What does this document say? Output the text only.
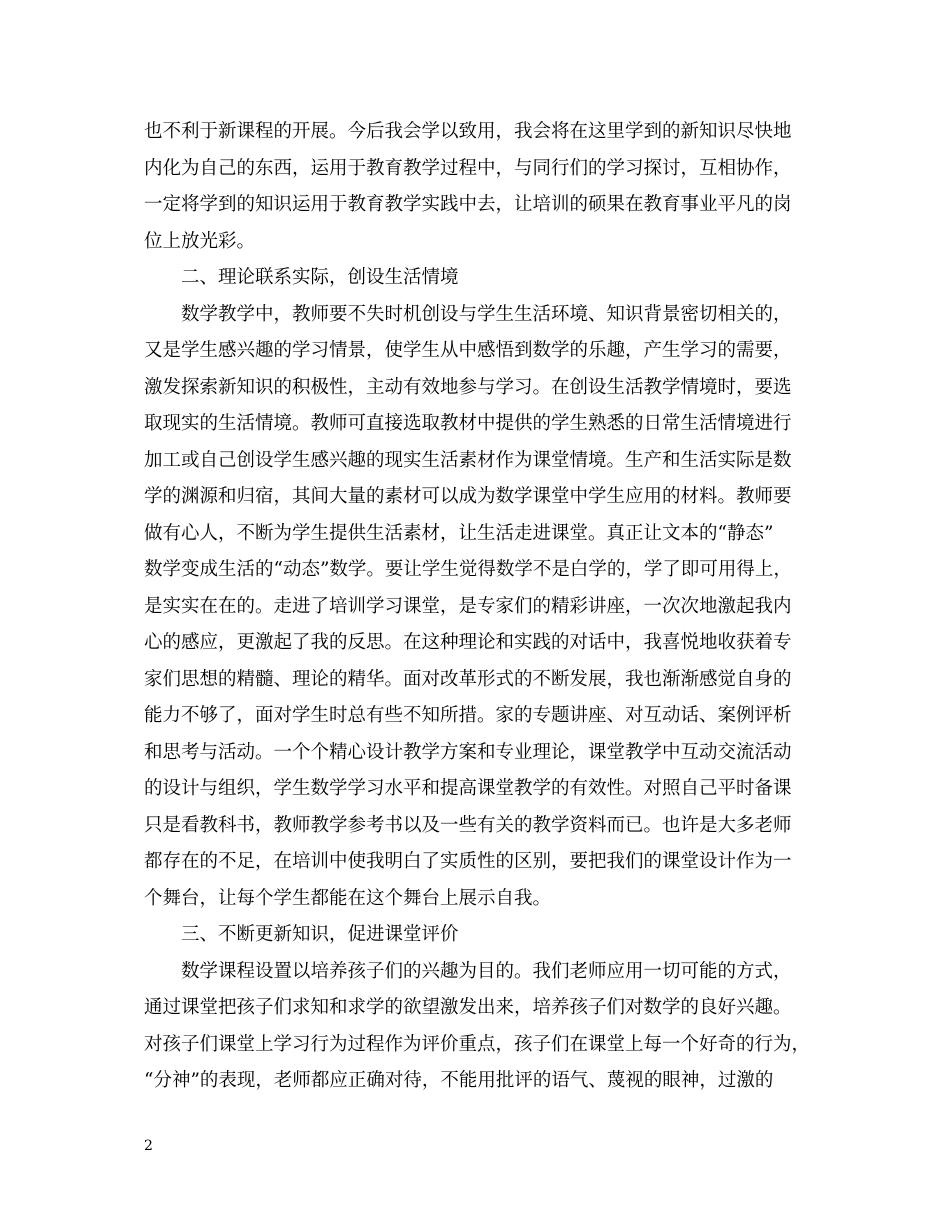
也不利于新课程的开展。今后我会学以致用，我会将在这里学到的新知识尽快地
内化为自己的东西，运用于教育教学过程中，与同行们的学习探讨，互相协作，
一定将学到的知识运用于教育教学实践中去，让培训的硕果在教育事业平凡的岗
位上放光彩。
二、理论联系实际，创设生活情境
数学教学中，教师要不失时机创设与学生生活环境、知识背景密切相关的，
又是学生感兴趣的学习情景，使学生从中感悟到数学的乐趣，产生学习的需要，
激发探索新知识的积极性，主动有效地参与学习。在创设生活教学情境时，要选
取现实的生活情境。教师可直接选取教材中提供的学生熟悉的日常生活情境进行
加工或自己创设学生感兴趣的现实生活素材作为课堂情境。生产和生活实际是数
学的渊源和归宿，其间大量的素材可以成为数学课堂中学生应用的材料。教师要
做有心人，不断为学生提供生活素材，让生活走进课堂。真正让文本的“静态”
数学变成生活的“动态”数学。要让学生觉得数学不是白学的，学了即可用得上，
是实实在在的。走进了培训学习课堂，是专家们的精彩讲座，一次次地激起我内
心的感应，更激起了我的反思。在这种理论和实践的对话中，我喜悦地收获着专
家们思想的精髓、理论的精华。面对改革形式的不断发展，我也渐渐感觉自身的
能力不够了，面对学生时总有些不知所措。家的专题讲座、对互动话、案例评析
和思考与活动。一个个精心设计教学方案和专业理论，课堂教学中互动交流活动
的设计与组织，学生数学学习水平和提高课堂教学的有效性。对照自己平时备课
只是看教科书，教师教学参考书以及一些有关的教学资料而已。也许是大多老师
都存在的不足，在培训中使我明白了实质性的区别，要把我们的课堂设计作为一
个舞台，让每个学生都能在这个舞台上展示自我。
三、不断更新知识，促进课堂评价
数学课程设置以培养孩子们的兴趣为目的。我们老师应用一切可能的方式，
通过课堂把孩子们求知和求学的欲望激发出来，培养孩子们对数学的良好兴趣。
对孩子们课堂上学习行为过程作为评价重点，孩子们在课堂上每一个好奇的行为，
“分神”的表现，老师都应正确对待，不能用批评的语气、蔑视的眼神，过激的
2
